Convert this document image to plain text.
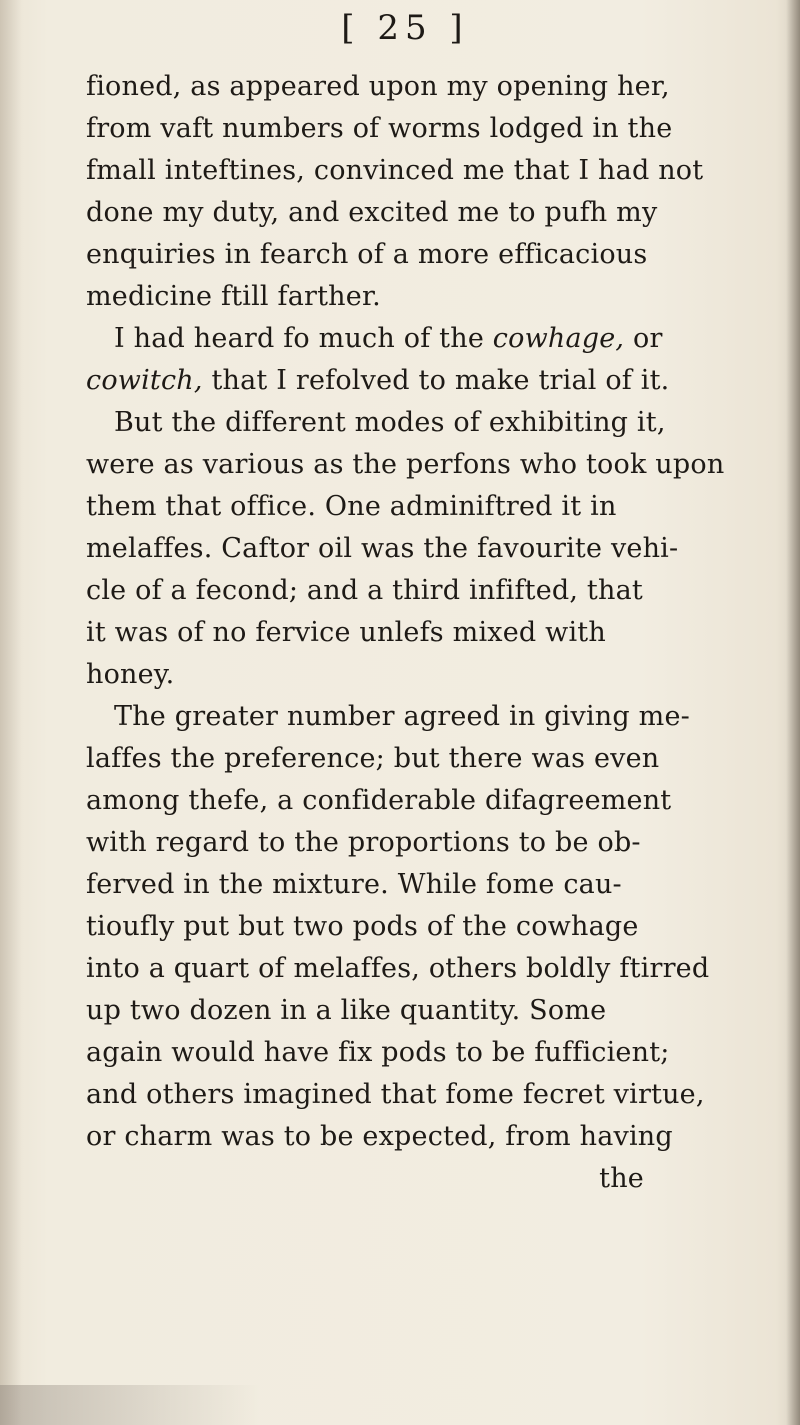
[ 25 ]
fioned, as appeared upon my opening her,
from vaft numbers of worms lodged in the
fmall inteftines, convinced me that I had not
done my duty, and excited me to pufh my
enquiries in fearch of a more efficacious
medicine ftill farther.
I had heard fo much of the cowhage, or
cowitch, that I refolved to make trial of it.
But the different modes of exhibiting it,
were as various as the perfons who took upon
them that office. One adminiftred it in
melaffes. Caftor oil was the favourite vehi-
cle of a fecond; and a third infifted, that
it was of no fervice unlefs mixed with
honey.
The greater number agreed in giving me-
laffes the preference; but there was even
among thefe, a confiderable difagreement
with regard to the proportions to be ob-
ferved in the mixture. While fome cau-
tioufly put but two pods of the cowhage
into a quart of melaffes, others boldly ftirred
up two dozen in a like quantity. Some
again would have fix pods to be fufficient;
and others imagined that fome fecret virtue,
or charm was to be expected, from having
the
